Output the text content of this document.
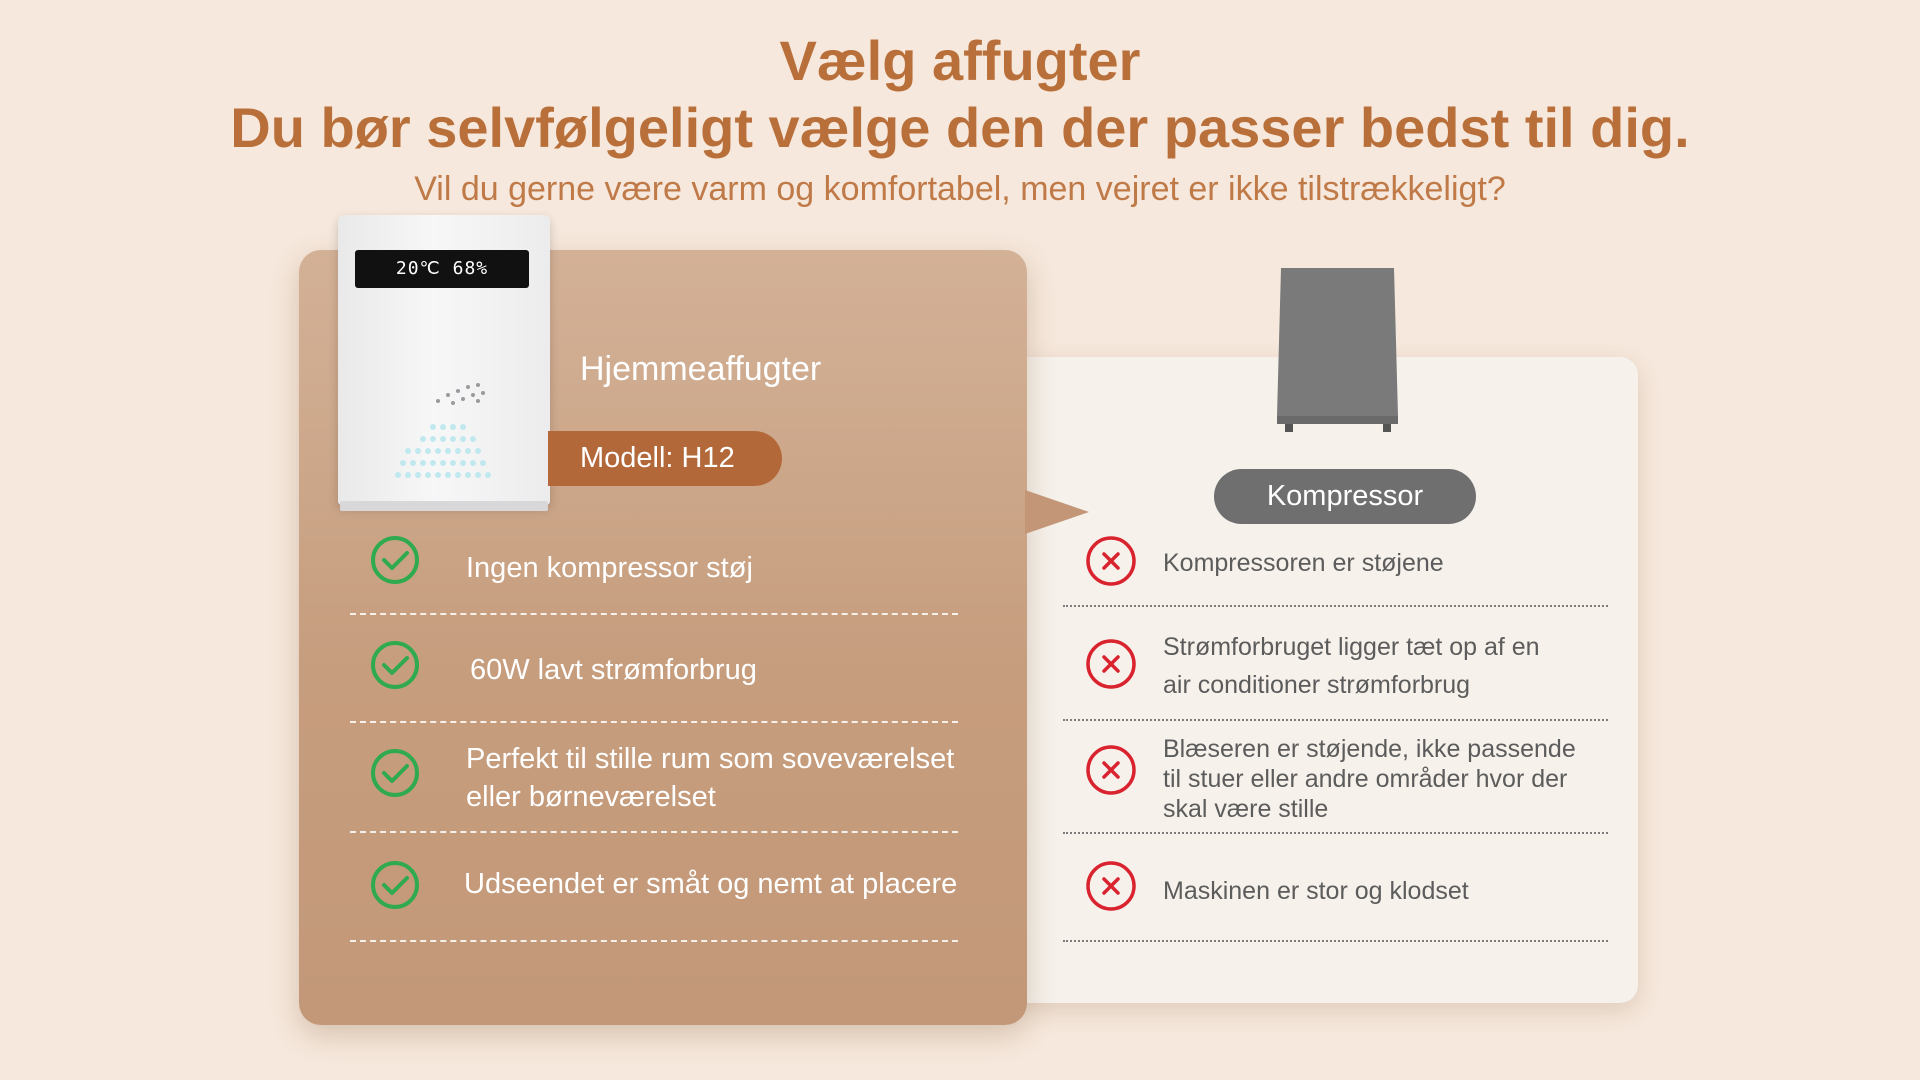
Vælg affugter
Du bør selvfølgeligt vælge den der passer bedst til dig.
Vil du gerne være varm og komfortabel, men vejret er ikke tilstrækkeligt?
20℃ 68%
Hjemmeaffugter
Modell: H12
Kompressor
Ingen kompressor støj
60W lavt strømforbrug
Perfekt til stille rum som soveværelset
eller børneværelset
Udseendet er småt og nemt at placere
Kompressoren er støjene
Strømforbruget ligger tæt op af en
air conditioner strømforbrug
Blæseren er støjende, ikke passende
til stuer eller andre områder hvor der
skal være stille
Maskinen er stor og klodset
